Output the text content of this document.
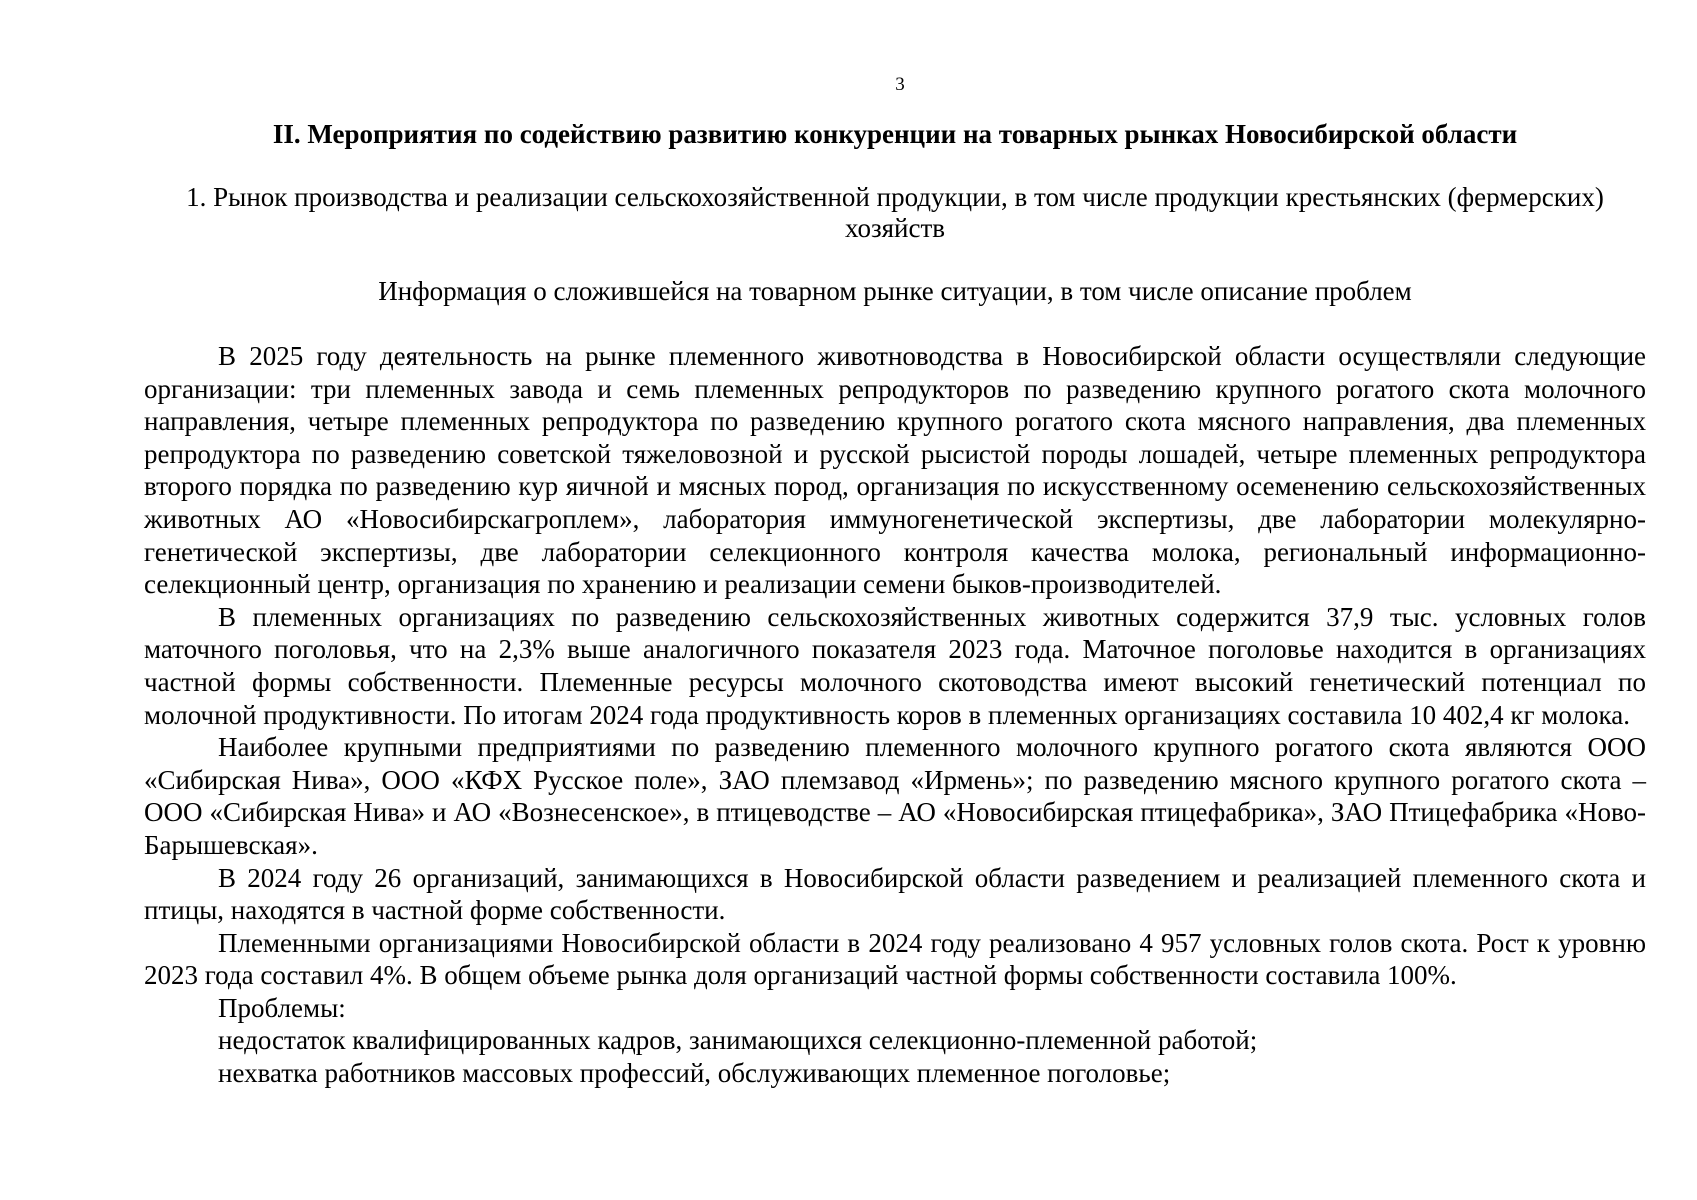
3
II. Мероприятия по содействию развитию конкуренции на товарных рынках Новосибирской области
1. Рынок производства и реализации сельскохозяйственной продукции, в том числе продукции крестьянских (фермерских) хозяйств
Информация о сложившейся на товарном рынке ситуации, в том числе описание проблем

В 2025 году деятельность на рынке племенного животноводства в Новосибирской области осуществляли следующие организации: три племенных завода и семь племенных репродукторов по разведению крупного рогатого скота молочного направления, четыре племенных репродуктора по разведению крупного рогатого скота мясного направления, два племенных репродуктора по разведению советской тяжеловозной и русской рысистой породы лошадей, четыре племенных репродуктора второго порядка по разведению кур яичной и мясных пород, организация по искусственному осеменению сельскохозяйственных животных АО «Новосибирскагроплем», лаборатория иммуногенетической экспертизы, две лаборатории молекулярно-генетической экспертизы, две лаборатории селекционного контроля качества молока, региональный информационно-селекционный центр, организация по хранению и реализации семени быков-производителей.

В племенных организациях по разведению сельскохозяйственных животных содержится 37,9 тыс. условных голов маточного поголовья, что на 2,3% выше аналогичного показателя 2023 года. Маточное поголовье находится в организациях частной формы собственности. Племенные ресурсы молочного скотоводства имеют высокий генетический потенциал по молочной продуктивности. По итогам 2024 года продуктивность коров в племенных организациях составила 10 402,4 кг молока.

Наиболее крупными предприятиями по разведению племенного молочного крупного рогатого скота являются ООО «Сибирская Нива», ООО «КФХ Русское поле», ЗАО племзавод «Ирмень»; по разведению мясного крупного рогатого скота – ООО «Сибирская Нива» и АО «Вознесенское», в птицеводстве – АО «Новосибирская птицефабрика», ЗАО Птицефабрика «Ново-Барышевская».

В 2024 году 26 организаций, занимающихся в Новосибирской области разведением и реализацией племенного скота и птицы, находятся в частной форме собственности.

Племенными организациями Новосибирской области в 2024 году реализовано 4 957 условных голов скота. Рост к уровню 2023 года составил 4%. В общем объеме рынка доля организаций частной формы собственности составила 100%.

Проблемы:

недостаток квалифицированных кадров, занимающихся селекционно-племенной работой;

нехватка работников массовых профессий, обслуживающих племенное поголовье;
